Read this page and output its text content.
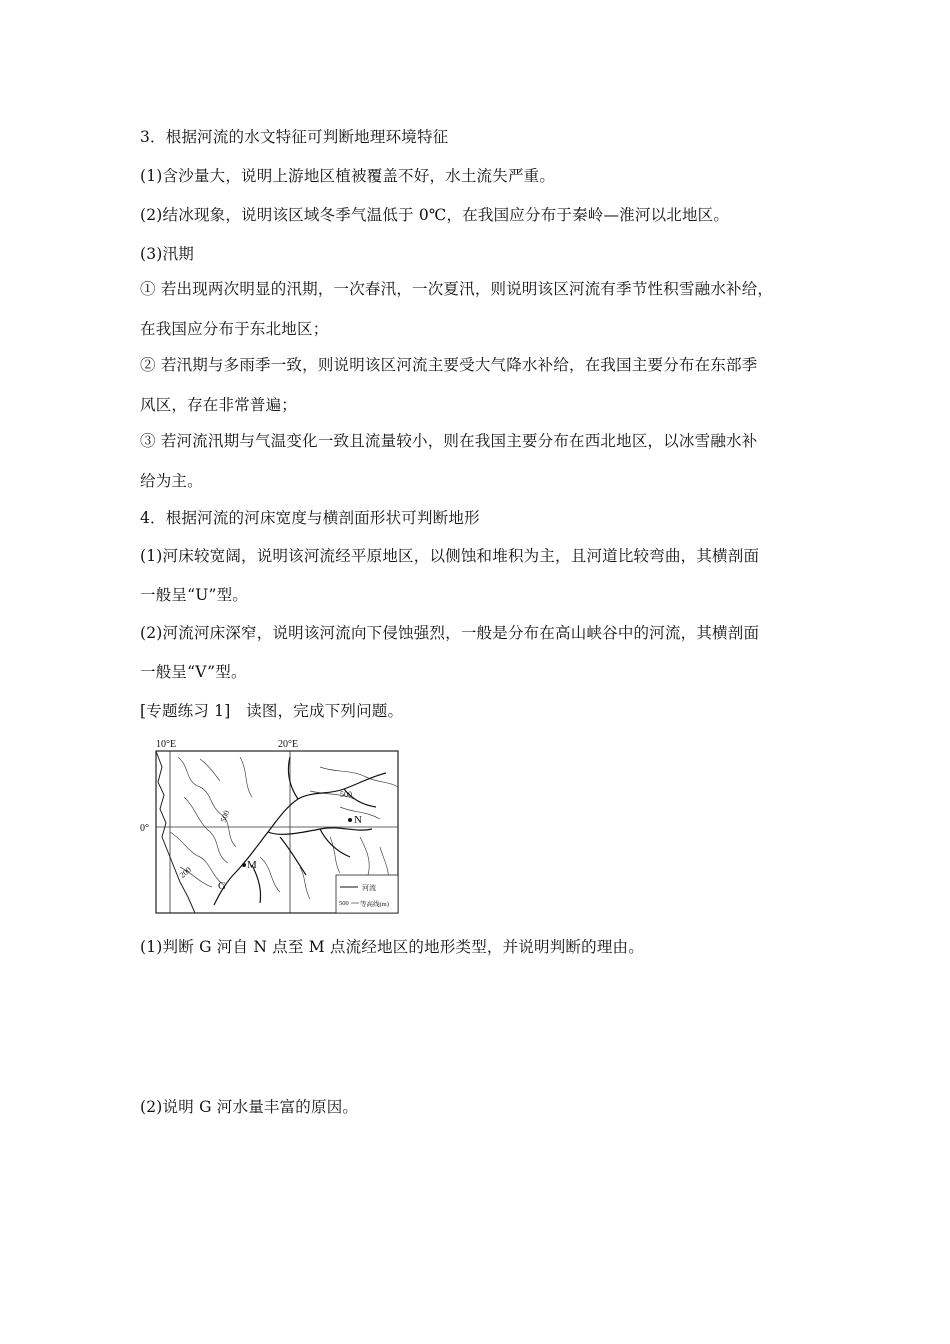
3．根据河流的水文特征可判断地理环境特征
(1)含沙量大，说明上游地区植被覆盖不好，水土流失严重。
(2)结冰现象，说明该区域冬季气温低于 0℃，在我国应分布于秦岭—淮河以北地区。
(3)汛期
① 若出现两次明显的汛期，一次春汛，一次夏汛，则说明该区河流有季节性积雪融水补给，
在我国应分布于东北地区；
② 若汛期与多雨季一致，则说明该区河流主要受大气降水补给，在我国主要分布在东部季
风区，存在非常普遍；
③ 若河流汛期与气温变化一致且流量较小，则在我国主要分布在西北地区，以冰雪融水补
给为主。
4．根据河流的河床宽度与横剖面形状可判断地形
(1)河床较宽阔，说明该河流经平原地区，以侧蚀和堆积为主，且河道比较弯曲，其横剖面
一般呈“U”型。
(2)河流河床深窄，说明该河流向下侵蚀强烈，一般是分布在高山峡谷中的河流，其横剖面
一般呈“V”型。
[专题练习 1]　读图，完成下列问题。
10°E	20°E
0°
500
500
200
N
M
G	河流
500 等高线(m)
(1)判断 G 河自 N 点至 M 点流经地区的地形类型，并说明判断的理由。
(2)说明 G 河水量丰富的原因。
